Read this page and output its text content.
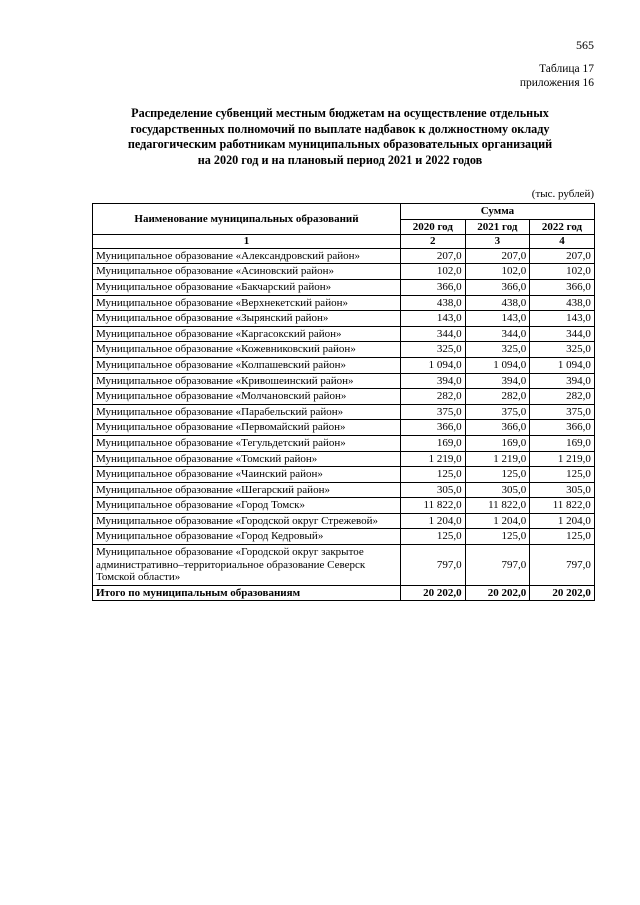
565
Таблица 17
приложения 16
Распределение субвенций местным бюджетам на осуществление отдельных
государственных полномочий по выплате надбавок к должностному окладу
педагогическим работникам муниципальных образовательных организаций
на 2020 год и на плановый период 2021 и 2022 годов
(тыс. рублей)
Наименование муниципальных образований	Сумма		
	2020 год	2021 год	2022 год
1	2	3	4
Муниципальное образование «Александровский район»	207,0	207,0	207,0
Муниципальное образование «Асиновский район»	102,0	102,0	102,0
Муниципальное образование «Бакчарский район»	366,0	366,0	366,0
Муниципальное образование «Верхнекетский район»	438,0	438,0	438,0
Муниципальное образование «Зырянский район»	143,0	143,0	143,0
Муниципальное образование «Каргасокский район»	344,0	344,0	344,0
Муниципальное образование «Кожевниковский район»	325,0	325,0	325,0
Муниципальное образование «Колпашевский район»	1 094,0	1 094,0	1 094,0
Муниципальное образование «Кривошеинский район»	394,0	394,0	394,0
Муниципальное образование «Молчановский район»	282,0	282,0	282,0
Муниципальное образование «Парабельский район»	375,0	375,0	375,0
Муниципальное образование «Первомайский район»	366,0	366,0	366,0
Муниципальное образование «Тегульдетский район»	169,0	169,0	169,0
Муниципальное образование «Томский район»	1 219,0	1 219,0	1 219,0
Муниципальное образование «Чаинский район»	125,0	125,0	125,0
Муниципальное образование «Шегарский район»	305,0	305,0	305,0
Муниципальное образование «Город Томск»	11 822,0	11 822,0	11 822,0
Муниципальное образование «Городской округ Стрежевой»	1 204,0	1 204,0	1 204,0
Муниципальное образование «Город Кедровый»	125,0	125,0	125,0
Муниципальное образование «Городской округ закрытое административно–территориальное образование Северск Томской области»	797,0	797,0	797,0
Итого по муниципальным образованиям	20 202,0	20 202,0	20 202,0
